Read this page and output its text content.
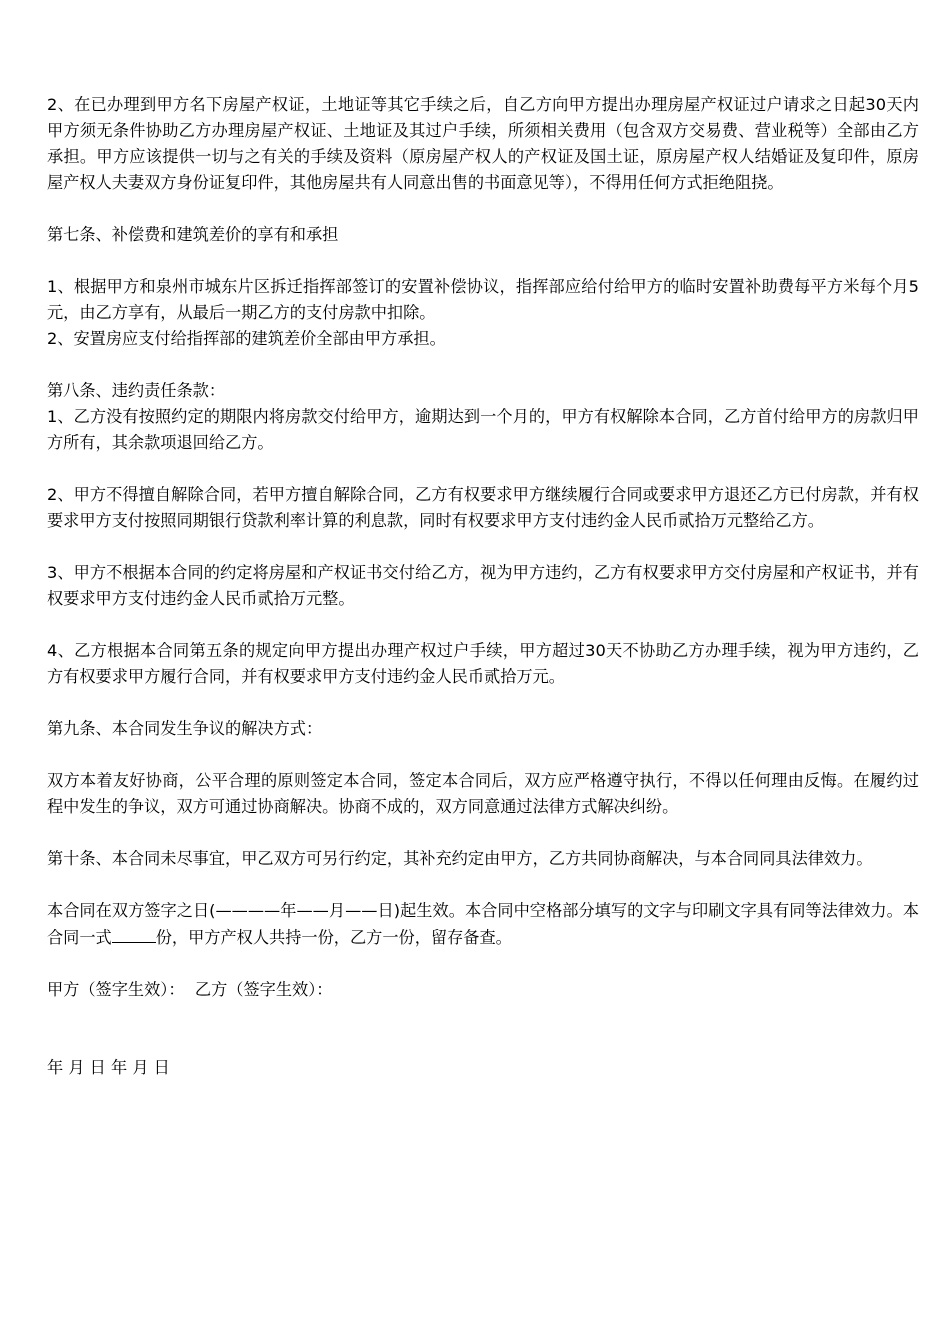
2、在已办理到甲方名下房屋产权证，土地证等其它手续之后，自乙方向甲方提出办理房屋产权证过户请求之日起30天内甲方须无条件协助乙方办理房屋产权证、土地证及其过户手续，所须相关费用（包含双方交易费、营业税等）全部由乙方承担。甲方应该提供一切与之有关的手续及资料（原房屋产权人的产权证及国土证，原房屋产权人结婚证及复印件，原房屋产权人夫妻双方身份证复印件，其他房屋共有人同意出售的书面意见等），不得用任何方式拒绝阻挠。

第七条、补偿费和建筑差价的享有和承担

1、根据甲方和泉州市城东片区拆迁指挥部签订的安置补偿协议，指挥部应给付给甲方的临时安置补助费每平方米每个月5元，由乙方享有，从最后一期乙方的支付房款中扣除。

2、安置房应支付给指挥部的建筑差价全部由甲方承担。

第八条、违约责任条款：

1、乙方没有按照约定的期限内将房款交付给甲方，逾期达到一个月的，甲方有权解除本合同，乙方首付给甲方的房款归甲方所有，其余款项退回给乙方。

2、甲方不得擅自解除合同，若甲方擅自解除合同，乙方有权要求甲方继续履行合同或要求甲方退还乙方已付房款，并有权要求甲方支付按照同期银行贷款利率计算的利息款，同时有权要求甲方支付违约金人民币贰拾万元整给乙方。

3、甲方不根据本合同的约定将房屋和产权证书交付给乙方，视为甲方违约，乙方有权要求甲方交付房屋和产权证书，并有权要求甲方支付违约金人民币贰拾万元整。

4、乙方根据本合同第五条的规定向甲方提出办理产权过户手续，甲方超过30天不协助乙方办理手续，视为甲方违约，乙方有权要求甲方履行合同，并有权要求甲方支付违约金人民币贰拾万元。

第九条、本合同发生争议的解决方式：

双方本着友好协商，公平合理的原则签定本合同，签定本合同后，双方应严格遵守执行，不得以任何理由反悔。在履约过程中发生的争议，双方可通过协商解决。协商不成的，双方同意通过法律方式解决纠纷。

第十条、本合同未尽事宜，甲乙双方可另行约定，其补充约定由甲方，乙方共同协商解决，与本合同同具法律效力。

本合同在双方签字之日(————年——月——日)起生效。本合同中空格部分填写的文字与印刷文字具有同等法律效力。本合同一式	份，甲方产权人共持一份，乙方一份，留存备查。

甲方（签字生效）：  乙方（签字生效）：

年 月 日 年 月 日
